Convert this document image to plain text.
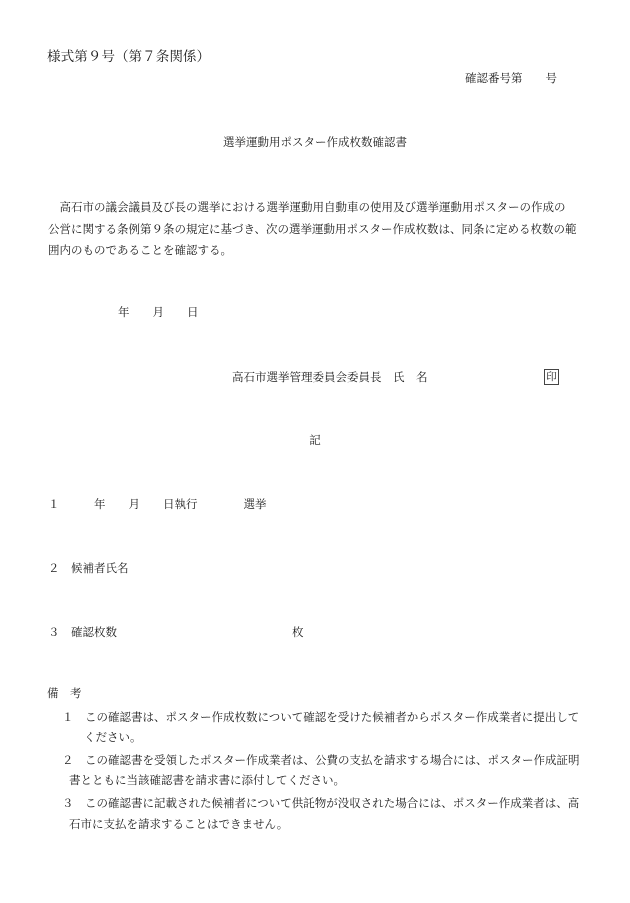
様式第９号（第７条関係）
確認番号第　　号
選挙運動用ポスター作成枚数確認書
　高石市の議会議員及び長の選挙における選挙運動用自動車の使用及び選挙運動用ポスターの作成の
公営に関する条例第９条の規定に基づき、次の選挙運動用ポスター作成枚数は、同条に定める枚数の範
囲内のものであることを確認する。
年　　月　　日
高石市選挙管理委員会委員長　氏　名	印
記
１　　　年　　月　　日執行　　　　選挙
２　候補者氏名
３　確認枚数	枚
備　考
１　この確認書は、ポスター作成枚数について確認を受けた候補者からポスター作成業者に提出して
ください。
２　この確認書を受領したポスター作成業者は、公費の支払を請求する場合には、ポスター作成証明
書とともに当該確認書を請求書に添付してください。
３　この確認書に記載された候補者について供託物が没収された場合には、ポスター作成業者は、高
石市に支払を請求することはできません。
